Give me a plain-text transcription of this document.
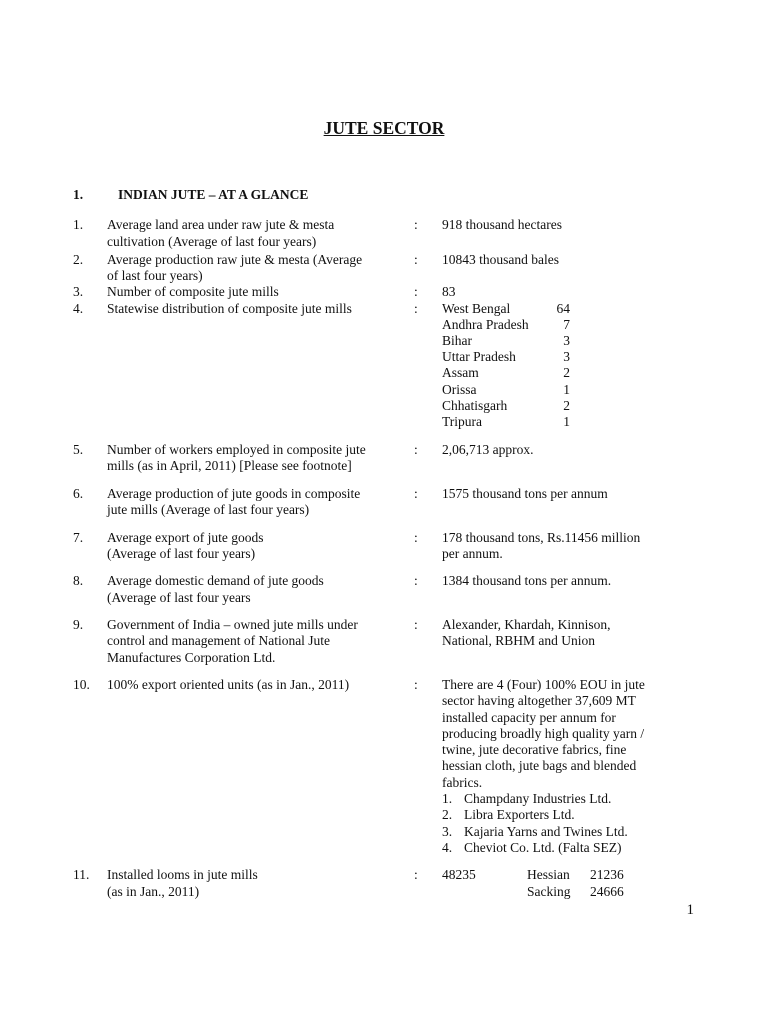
JUTE SECTOR
1.	INDIAN JUTE – AT A GLANCE
1. Average land area under raw jute & mesta
cultivation (Average of last four years)
: 918 thousand hectares
2. Average production raw jute & mesta (Average
of last four years)
: 10843 thousand bales
3. Number of composite jute mills	: 83
4. Statewise distribution of composite jute mills	: West Bengal	64
Andhra Pradesh	7
Bihar	3
Uttar Pradesh	3
Assam	2
Orissa	1
Chhatisgarh	2
Tripura	1
5. Number of workers employed in composite jute
mills (as in April, 2011) [Please see footnote]
: 2,06,713 approx.
6. Average production of jute goods in composite
jute mills (Average of last four years)
: 1575 thousand tons per annum
7. Average export of jute goods
(Average of last four years)
: 178 thousand tons, Rs.11456 million
per annum.
8. Average domestic demand of jute goods
(Average of last four years
: 1384 thousand tons per annum.
9. Government of India – owned jute mills under
control and management of National Jute
Manufactures Corporation Ltd.
: Alexander, Khardah, Kinnison,
National, RBHM and Union
10. 100% export oriented units (as in Jan., 2011)	: There are 4 (Four) 100% EOU in jute
sector having altogether 37,609 MT
installed capacity per annum for
producing broadly high quality yarn /
twine, jute decorative fabrics, fine
hessian cloth, jute bags and blended
fabrics.
1. Champdany Industries Ltd.
2. Libra Exporters Ltd.
3. Kajaria Yarns and Twines Ltd.
4. Cheviot Co. Ltd. (Falta SEZ)
11. Installed looms in jute mills
(as in Jan., 2011)
: 48235	Hessian 21236
Sacking 24666
1
